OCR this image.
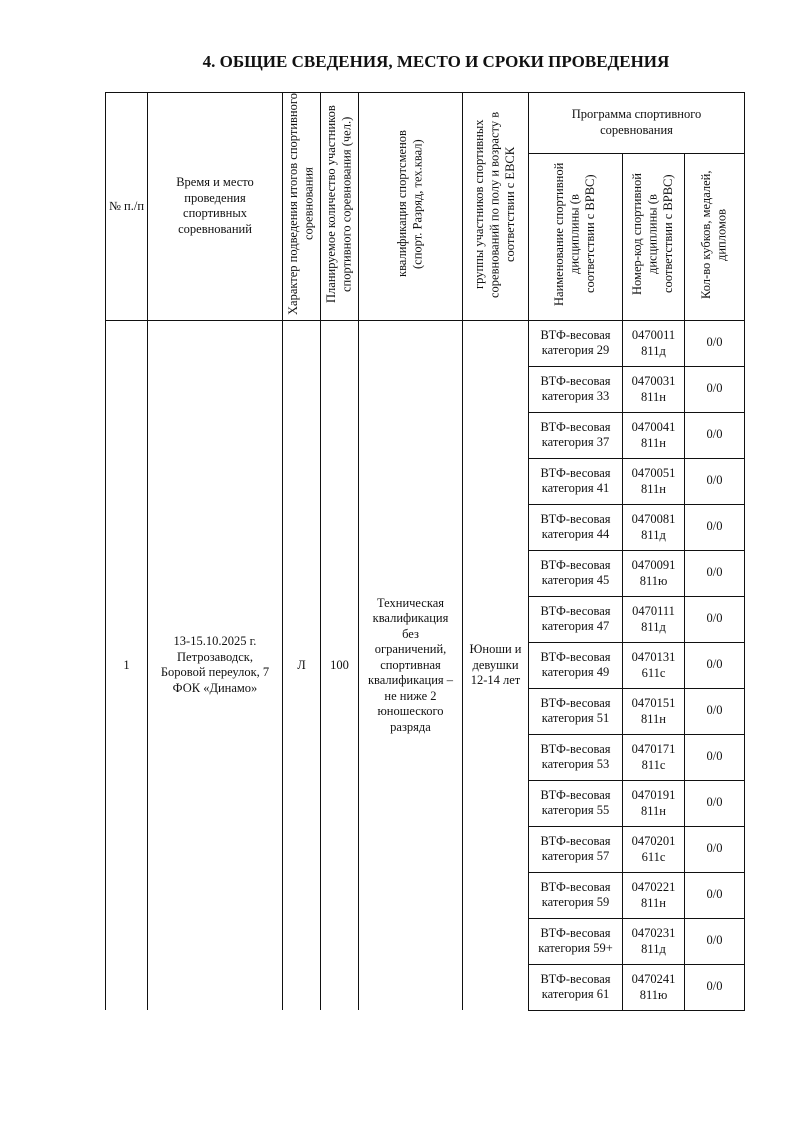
4. ОБЩИЕ СВЕДЕНИЯ, МЕСТО И СРОКИ ПРОВЕДЕНИЯ
№ п./п	Время и место проведения спортивных соревнований	Характер подведения итогов спортивного соревнования	Планируемое количество участников спортивного соревнования (чел.)	квалификация спортсменов (спорт. Разряд, тех.квал)	группы участников спортивных соревнований по полу и возрасту в соответствии с ЕВСК	Программа спортивного соревнования		
						Наименование спортивной дисциплины (в соответствии с ВРВС)	Номер-код спортивной дисциплины (в соответствии с ВРВС)	Кол-во кубков, медалей, дипломов
1	13-15.10.2025 г. Петрозаводск, Боровой переулок, 7 ФОК «Динамо»	Л	100	Техническая квалификация без ограничений, спортивная квалификация – не ниже 2 юношеского разряда	Юноши и девушки 12-14 лет	ВТФ-весовая категория 29	0470011 811д	0/0
						ВТФ-весовая категория 33	0470031 811н	0/0
						ВТФ-весовая категория 37	0470041 811н	0/0
						ВТФ-весовая категория 41	0470051 811н	0/0
						ВТФ-весовая категория 44	0470081 811д	0/0
						ВТФ-весовая категория 45	0470091 811ю	0/0
						ВТФ-весовая категория 47	0470111 811д	0/0
						ВТФ-весовая категория 49	0470131 611с	0/0
						ВТФ-весовая категория 51	0470151 811н	0/0
						ВТФ-весовая категория 53	0470171 811с	0/0
						ВТФ-весовая категория 55	0470191 811н	0/0
						ВТФ-весовая категория 57	0470201 611с	0/0
						ВТФ-весовая категория 59	0470221 811н	0/0
						ВТФ-весовая категория 59+	0470231 811д	0/0
						ВТФ-весовая категория 61	0470241 811ю	0/0
